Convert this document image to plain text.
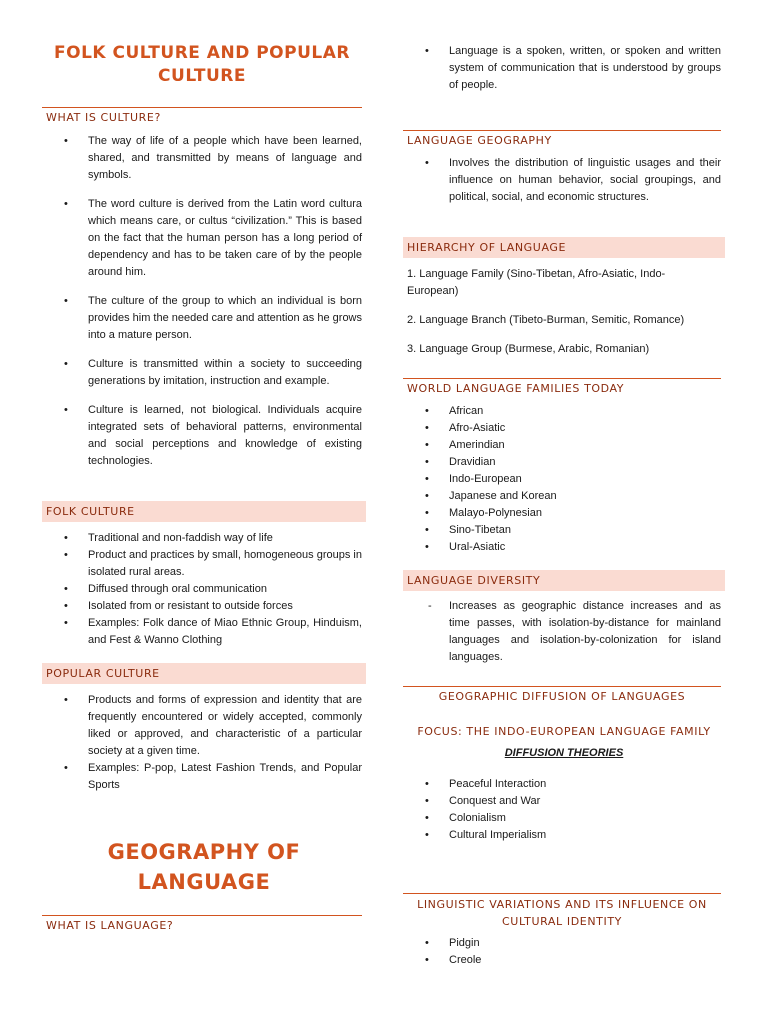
FOLK CULTURE AND POPULAR CULTURE
WHAT IS CULTURE?
• The way of life of a people which have been learned, shared, and transmitted by means of language and symbols.
• The word culture is derived from the Latin word cultura which means care, or cultus “civilization.” This is based on the fact that the human person has a long period of dependency and has to be taken care of by the people around him.
• The culture of the group to which an individual is born provides him the needed care and attention as he grows into a mature person.
• Culture is transmitted within a society to succeeding generations by imitation, instruction and example.
• Culture is learned, not biological. Individuals acquire integrated sets of behavioral patterns, environmental and social perceptions and knowledge of existing technologies.
FOLK CULTURE
• Traditional and non-faddish way of life
• Product and practices by small, homogeneous groups in isolated rural areas.
• Diffused through oral communication
• Isolated from or resistant to outside forces
• Examples: Folk dance of Miao Ethnic Group, Hinduism, and Fest & Wanno Clothing
POPULAR CULTURE
• Products and forms of expression and identity that are frequently encountered or widely accepted, commonly liked or approved, and characteristic of a particular society at a given time.
• Examples: P-pop, Latest Fashion Trends, and Popular Sports
GEOGRAPHY OF LANGUAGE
WHAT IS LANGUAGE?
• Language is a spoken, written, or spoken and written system of communication that is understood by groups of people.
LANGUAGE GEOGRAPHY
• Involves the distribution of linguistic usages and their influence on human behavior, social groupings, and political, social, and economic structures.
HIERARCHY OF LANGUAGE

1. Language Family (Sino-Tibetan, Afro-Asiatic, Indo-European)

2. Language Branch (Tibeto-Burman, Semitic, Romance)

3. Language Group (Burmese, Arabic, Romanian)

WORLD LANGUAGE FAMILIES TODAY
• African
• Afro-Asiatic
• Amerindian
• Dravidian
• Indo-European
• Japanese and Korean
• Malayo-Polynesian
• Sino-Tibetan
• Ural-Asiatic
LANGUAGE DIVERSITY
- Increases as geographic distance increases and as time passes, with isolation-by-distance for mainland languages and isolation-by-colonization for island languages.
GEOGRAPHIC DIFFUSION OF LANGUAGES
FOCUS: THE INDO-EUROPEAN LANGUAGE FAMILY
DIFFUSION THEORIES
• Peaceful Interaction
• Conquest and War
• Colonialism
• Cultural Imperialism
LINGUISTIC VARIATIONS AND ITS INFLUENCE ON CULTURAL IDENTITY
• Pidgin
• Creole
